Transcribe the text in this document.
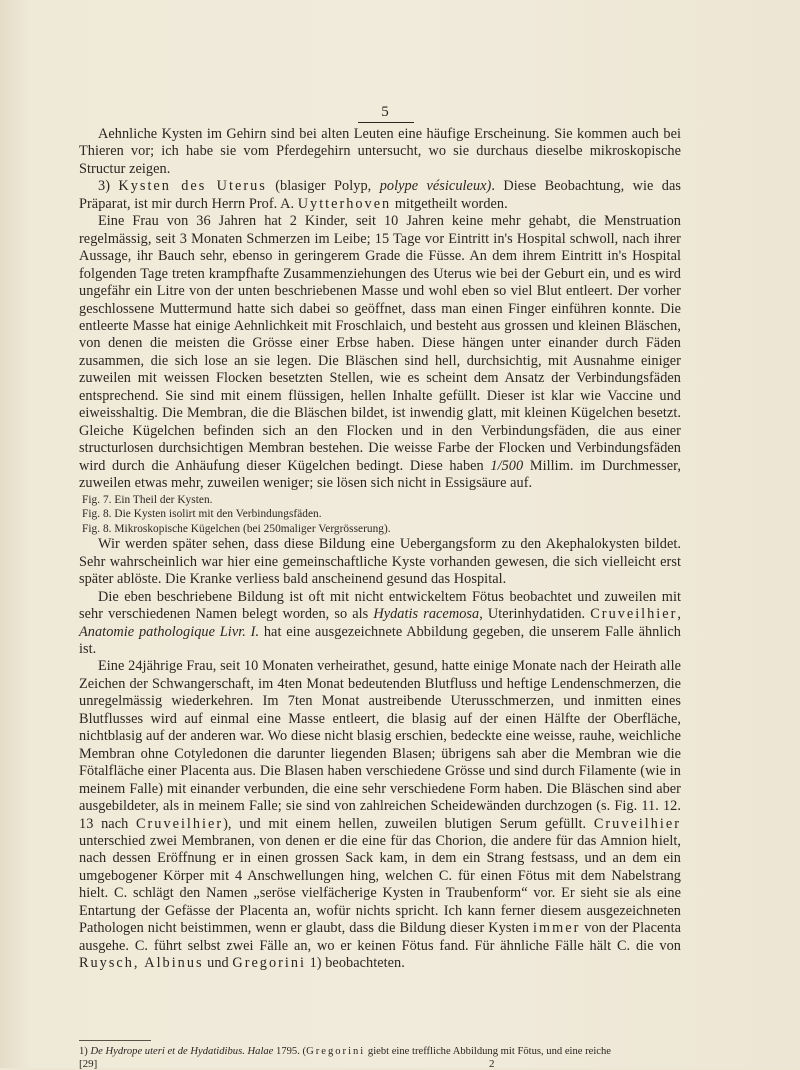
5

Aehnliche Kysten im Gehirn sind bei alten Leuten eine häufige Erscheinung. Sie kommen auch bei Thieren vor; ich habe sie vom Pferdegehirn untersucht, wo sie durchaus dieselbe mikroskopische Structur zeigen.

3) Kysten des Uterus (blasiger Polyp, polype vésiculeux). Diese Beobachtung, wie das Präparat, ist mir durch Herrn Prof. A. Uytterhoven mitgetheilt worden.

Eine Frau von 36 Jahren hat 2 Kinder, seit 10 Jahren keine mehr gehabt, die Menstruation regelmässig, seit 3 Monaten Schmerzen im Leibe; 15 Tage vor Eintritt in's Hospital schwoll, nach ihrer Aussage, ihr Bauch sehr, ebenso in geringerem Grade die Füsse. An dem ihrem Eintritt in's Hospital folgenden Tage treten krampfhafte Zusammenziehungen des Uterus wie bei der Geburt ein, und es wird ungefähr ein Litre von der unten beschriebenen Masse und wohl eben so viel Blut entleert. Der vorher geschlossene Muttermund hatte sich dabei so geöffnet, dass man einen Finger einführen konnte. Die entleerte Masse hat einige Aehnlichkeit mit Froschlaich, und besteht aus grossen und kleinen Bläschen, von denen die meisten die Grösse einer Erbse haben. Diese hängen unter einander durch Fäden zusammen, die sich lose an sie legen. Die Bläschen sind hell, durchsichtig, mit Ausnahme einiger zuweilen mit weissen Flocken besetzten Stellen, wie es scheint dem Ansatz der Verbindungsfäden entsprechend. Sie sind mit einem flüssigen, hellen Inhalte gefüllt. Dieser ist klar wie Vaccine und eiweisshaltig. Die Membran, die die Bläschen bildet, ist inwendig glatt, mit kleinen Kügelchen besetzt. Gleiche Kügelchen befinden sich an den Flocken und in den Verbindungsfäden, die aus einer structurlosen durchsichtigen Membran bestehen. Die weisse Farbe der Flocken und Verbindungsfäden wird durch die Anhäufung dieser Kügelchen bedingt. Diese haben 1/500 Millim. im Durchmesser, zuweilen etwas mehr, zuweilen weniger; sie lösen sich nicht in Essigsäure auf.

Fig. 7. Ein Theil der Kysten.

Fig. 8. Die Kysten isolirt mit den Verbindungsfäden.

Fig. 8. Mikroskopische Kügelchen (bei 250maliger Vergrösserung).

Wir werden später sehen, dass diese Bildung eine Uebergangsform zu den Akephalokysten bildet. Sehr wahrscheinlich war hier eine gemeinschaftliche Kyste vorhanden gewesen, die sich vielleicht erst später ablöste. Die Kranke verliess bald anscheinend gesund das Hospital.

Die eben beschriebene Bildung ist oft mit nicht entwickeltem Fötus beobachtet und zuweilen mit sehr verschiedenen Namen belegt worden, so als Hydatis racemosa, Uterinhydatiden. Cruveilhier, Anatomie pathologique Livr. I. hat eine ausgezeichnete Abbildung gegeben, die unserem Falle ähnlich ist.

Eine 24jährige Frau, seit 10 Monaten verheirathet, gesund, hatte einige Monate nach der Heirath alle Zeichen der Schwangerschaft, im 4ten Monat bedeutenden Blutfluss und heftige Lendenschmerzen, die unregelmässig wiederkehren. Im 7ten Monat austreibende Uterusschmerzen, und inmitten eines Blutflusses wird auf einmal eine Masse entleert, die blasig auf der einen Hälfte der Oberfläche, nichtblasig auf der anderen war. Wo diese nicht blasig erschien, bedeckte eine weisse, rauhe, weichliche Membran ohne Cotyledonen die darunter liegenden Blasen; übrigens sah aber die Membran wie die Fötalfläche einer Placenta aus. Die Blasen haben verschiedene Grösse und sind durch Filamente (wie in meinem Falle) mit einander verbunden, die eine sehr verschiedene Form haben. Die Bläschen sind aber ausgebildeter, als in meinem Falle; sie sind von zahlreichen Scheidewänden durchzogen (s. Fig. 11. 12. 13 nach Cruveilhier), und mit einem hellen, zuweilen blutigen Serum gefüllt. Cruveilhier unterschied zwei Membranen, von denen er die eine für das Chorion, die andere für das Amnion hielt, nach dessen Eröffnung er in einen grossen Sack kam, in dem ein Strang festsass, und an dem ein umgebogener Körper mit 4 Anschwellungen hing, welchen C. für einen Fötus mit dem Nabelstrang hielt. C. schlägt den Namen „seröse vielfächerige Kysten in Traubenform“ vor. Er sieht sie als eine Entartung der Gefässe der Placenta an, wofür nichts spricht. Ich kann ferner diesem ausgezeichneten Pathologen nicht beistimmen, wenn er glaubt, dass die Bildung dieser Kysten immer von der Placenta ausgehe. C. führt selbst zwei Fälle an, wo er keinen Fötus fand. Für ähnliche Fälle hält C. die von Ruysch, Albinus und Gregorini 1) beobachteten.

1) De Hydrope uteri et de Hydatidibus. Halae 1795. (Gregorini giebt eine treffliche Abbildung mit Fötus, und eine reiche
[29]	2
